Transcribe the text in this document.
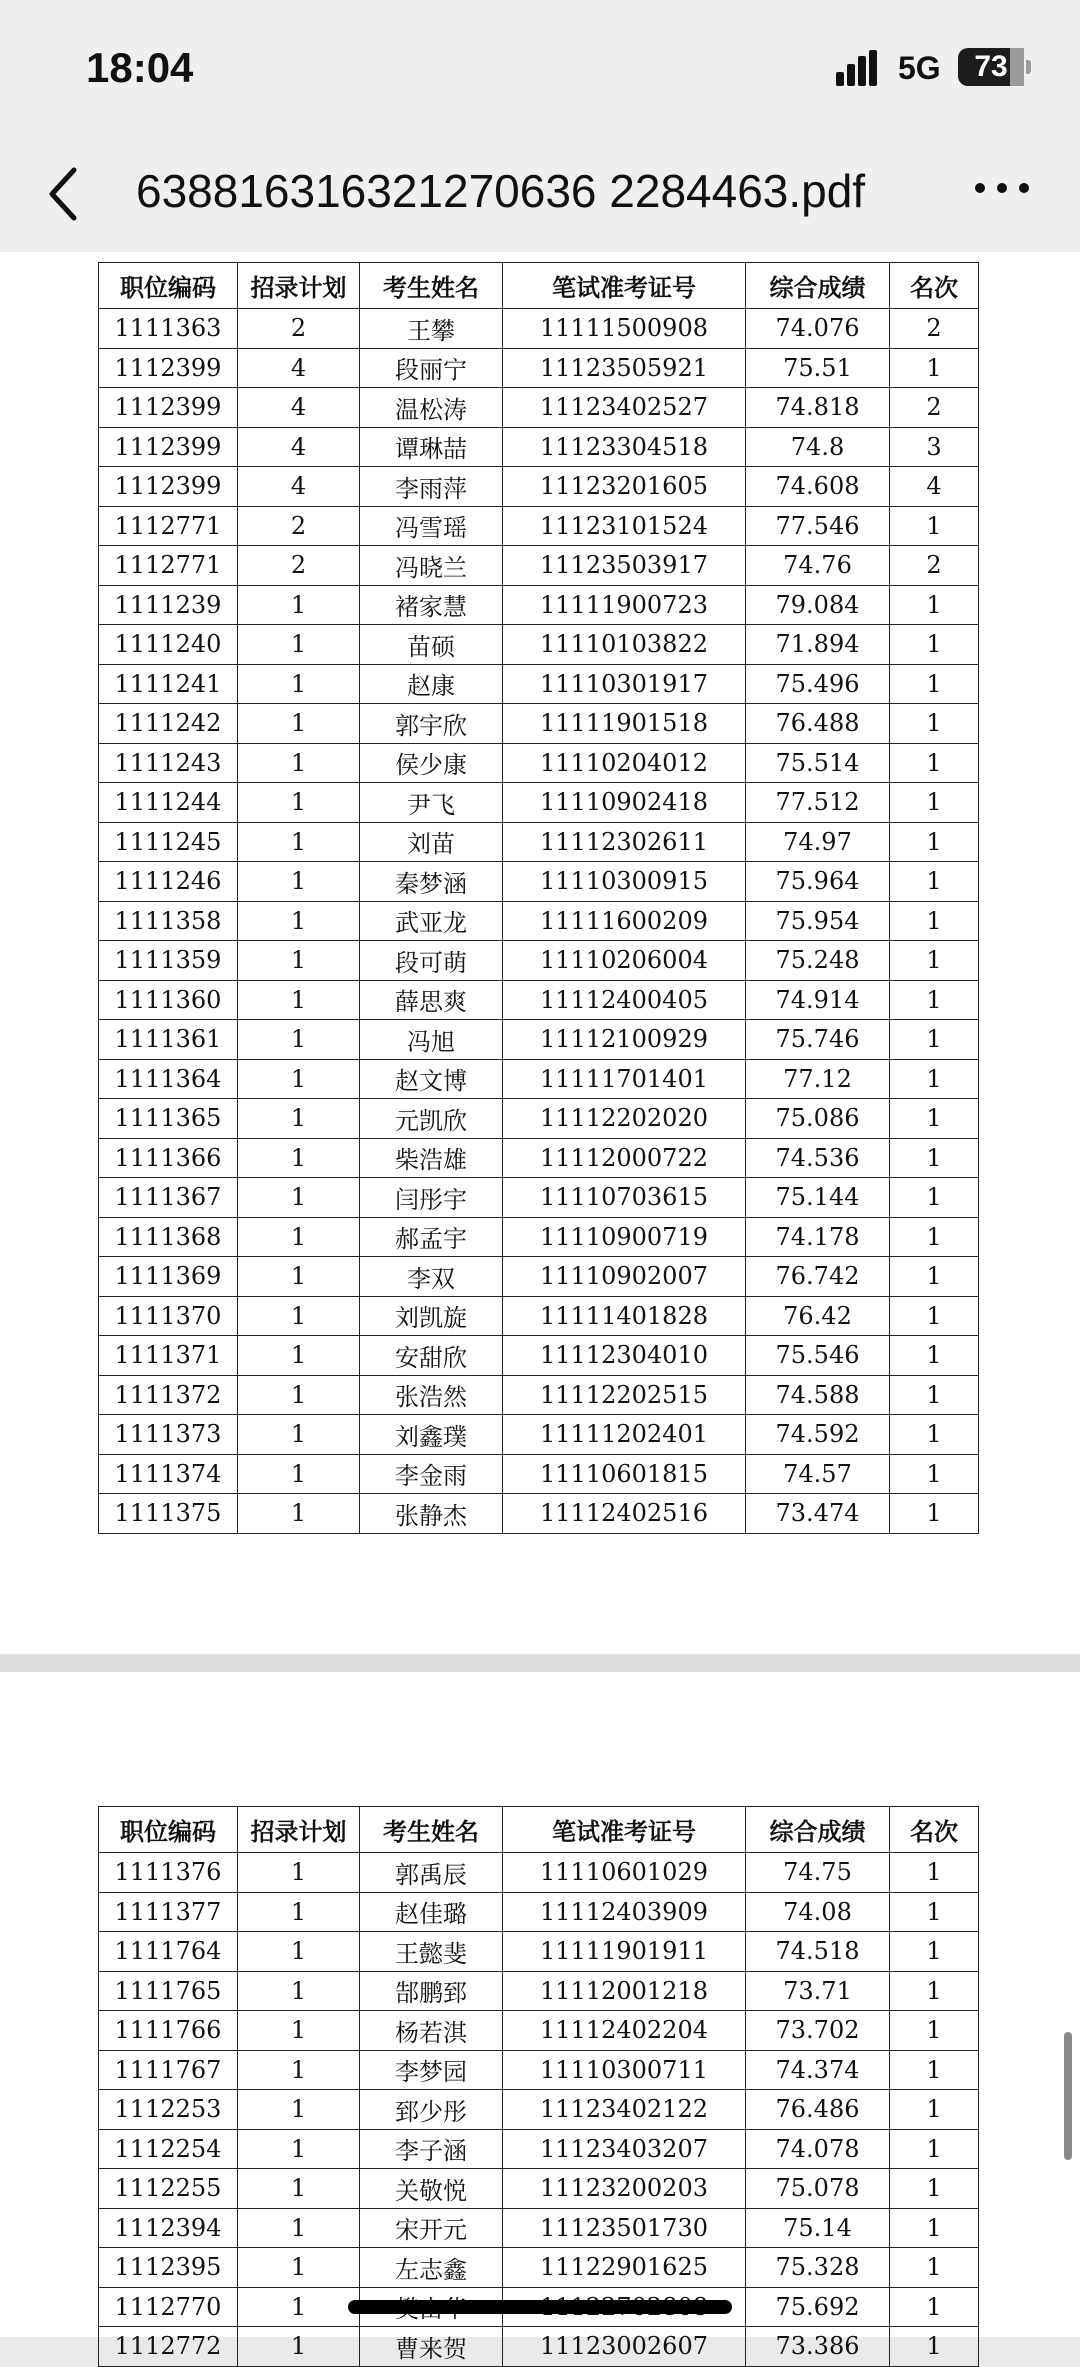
18:04	5G	73
638816316321270636 2284463.pdf
职位编码	招录计划	考生姓名	笔试准考证号	综合成绩	名次
1111363	2	王攀	11111500908	74.076	2
1112399	4	段丽宁	11123505921	75.51	1
1112399	4	温松涛	11123402527	74.818	2
1112399	4	谭琳喆	11123304518	74.8	3
1112399	4	李雨萍	11123201605	74.608	4
1112771	2	冯雪瑶	11123101524	77.546	1
1112771	2	冯晓兰	11123503917	74.76	2
1111239	1	褚家慧	11111900723	79.084	1
1111240	1	苗硕	11110103822	71.894	1
1111241	1	赵康	11110301917	75.496	1
1111242	1	郭宇欣	11111901518	76.488	1
1111243	1	侯少康	11110204012	75.514	1
1111244	1	尹飞	11110902418	77.512	1
1111245	1	刘苗	11112302611	74.97	1
1111246	1	秦梦涵	11110300915	75.964	1
1111358	1	武亚龙	11111600209	75.954	1
1111359	1	段可萌	11110206004	75.248	1
1111360	1	薛思爽	11112400405	74.914	1
1111361	1	冯旭	11112100929	75.746	1
1111364	1	赵文博	11111701401	77.12	1
1111365	1	元凯欣	11112202020	75.086	1
1111366	1	柴浩雄	11112000722	74.536	1
1111367	1	闫彤宇	11110703615	75.144	1
1111368	1	郝孟宇	11110900719	74.178	1
1111369	1	李双	11110902007	76.742	1
1111370	1	刘凯旋	11111401828	76.42	1
1111371	1	安甜欣	11112304010	75.546	1
1111372	1	张浩然	11112202515	74.588	1
1111373	1	刘鑫璞	11111202401	74.592	1
1111374	1	李金雨	11110601815	74.57	1
1111375	1	张静杰	11112402516	73.474	1
职位编码	招录计划	考生姓名	笔试准考证号	综合成绩	名次
1111376	1	郭禹辰	11110601029	74.75	1
1111377	1	赵佳璐	11112403909	74.08	1
1111764	1	王懿斐	11111901911	74.518	1
1111765	1	郜鹏郅	11112001218	73.71	1
1111766	1	杨若淇	11112402204	73.702	1
1111767	1	李梦园	11110300711	74.374	1
1112253	1	郅少彤	11123402122	76.486	1
1112254	1	李子涵	11123403207	74.078	1
1112255	1	关敬悦	11123200203	75.078	1
1112394	1	宋开元	11123501730	75.14	1
1112395	1	左志鑫	11122901625	75.328	1
1112770	1			75.692	1
1112772	1	曹来贺	11123002607	73.386	1
